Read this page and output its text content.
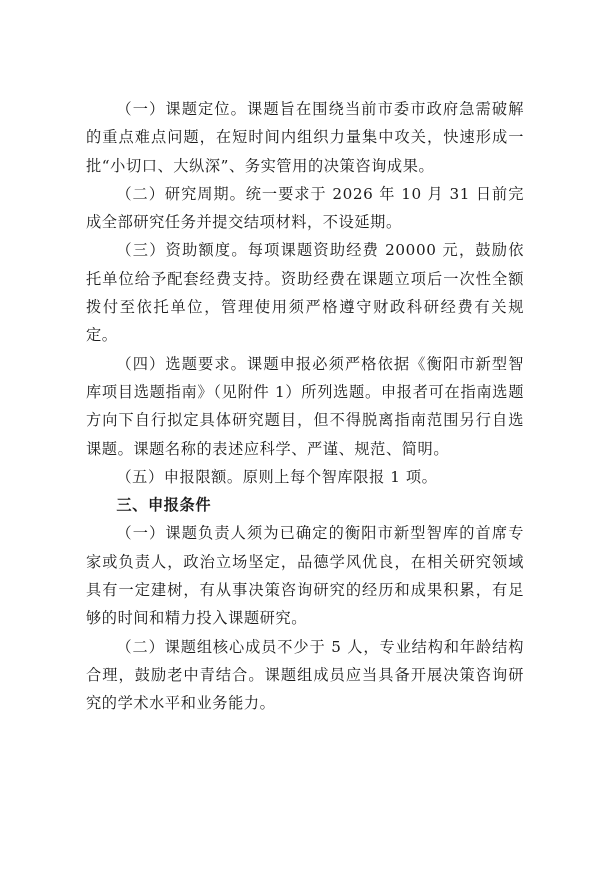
（一）课题定位。课题旨在围绕当前市委市政府急需破解的重点难点问题，在短时间内组织力量集中攻关，快速形成一批“小切口、大纵深”、务实管用的决策咨询成果。

（二）研究周期。统一要求于 2026 年 10 月 31 日前完成全部研究任务并提交结项材料，不设延期。

（三）资助额度。每项课题资助经费 20000 元，鼓励依托单位给予配套经费支持。资助经费在课题立项后一次性全额拨付至依托单位，管理使用须严格遵守财政科研经费有关规定。

（四）选题要求。课题申报必须严格依据《衡阳市新型智库项目选题指南》（见附件 1）所列选题。申报者可在指南选题方向下自行拟定具体研究题目，但不得脱离指南范围另行自选课题。课题名称的表述应科学、严谨、规范、简明。

（五）申报限额。原则上每个智库限报 1 项。

三、申报条件

（一）课题负责人须为已确定的衡阳市新型智库的首席专家或负责人，政治立场坚定，品德学风优良，在相关研究领域具有一定建树，有从事决策咨询研究的经历和成果积累，有足够的时间和精力投入课题研究。

（二）课题组核心成员不少于 5 人，专业结构和年龄结构合理，鼓励老中青结合。课题组成员应当具备开展决策咨询研究的学术水平和业务能力。
